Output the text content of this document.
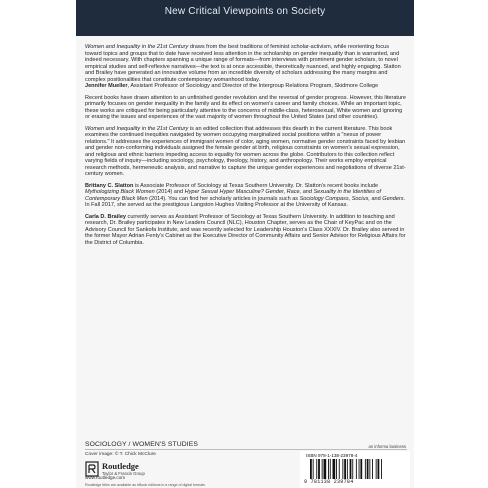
New Critical Viewpoints on Society

Women and Inequality in the 21st Century draws from the best traditions of feminist scholar-activism, while reorienting focus toward topics and groups that to date have received less attention in the scholarship on gender inequality than is warranted, and indeed necessary. With chapters spanning a unique range of formats—from interviews with prominent gender scholars, to novel empirical studies and self-reflexive narratives—the text is at once accessible, theoretically nuanced, and highly engaging. Slatton and Brailey have generated an innovative volume from an incredible diversity of scholars addressing the many margins and complex positionalities that constitute contemporary womanhood today.
Jennifer Mueller, Assistant Professor of Sociology and Director of the Intergroup Relations Program, Skidmore College

Recent books have drawn attention to an unfinished gender revolution and the reversal of gender progress. However, this literature primarily focuses on gender inequality in the family and its effect on women's career and family choices. While an important topic, these works are critiqued for being particularly attentive to the concerns of middle-class, heterosexual, White women and ignoring or erasing the issues and experiences of the vast majority of women throughout the United States (and other countries).

Women and Inequality in the 21st Century is an edited collection that addresses this dearth in the current literature. This book examines the continued inequities navigated by women occupying marginalized social positions within a "nexus of power relations." It addresses the experiences of immigrant women of color, aging women, normative gender constraints faced by lesbian and gender non-conforming individuals assigned the female gender at birth, religious constraints on women's sexual expression, and religious and ethnic barriers impeding access to equality for women across the globe. Contributors to this collection reflect varying fields of inquiry—including sociology, psychology, theology, history, and anthropology. Their works employ empirical research methods, hermeneutic analysis, and narrative to capture the unique gender experiences and negotiations of diverse 21st-century women.

Brittany C. Slatton is Associate Professor of Sociology at Texas Southern University. Dr. Slatton's recent books include Mythologizing Black Women (2014) and Hyper Sexual Hyper Masculine? Gender, Race, and Sexuality in the Identities of Contemporary Black Men (2014). You can find her scholarly articles in journals such as Sociology Compass, Socius, and Genders. In Fall 2017, she served as the prestigious Langston Hughes Visiting Professor at the University of Kansas.

Carla D. Brailey currently serves as Assistant Professor of Sociology at Texas Southern University. In addition to teaching and research, Dr. Brailey participates in New Leaders Council (NLC), Houston Chapter, serves as the Chair of KeyPac and on the Advisory Council for Sankofa Institute, and was recently selected for Leadership Houston's Class XXXIV. Dr. Brailey also served in the former Mayor Adrian Fenty's Cabinet as the Executive Director of Community Affairs and Senior Advisor for Religious Affairs for the District of Columbia.

an informa business
SOCIOLOGY / WOMEN'S STUDIES
Cover image: © T. Chick McClure
Routledge
Taylor & Francis Group
www.routledge.com
Routledge titles are available as eBook editions in a range of digital formats
ISBN 978-1-138-23978-4
9 781138 239784
